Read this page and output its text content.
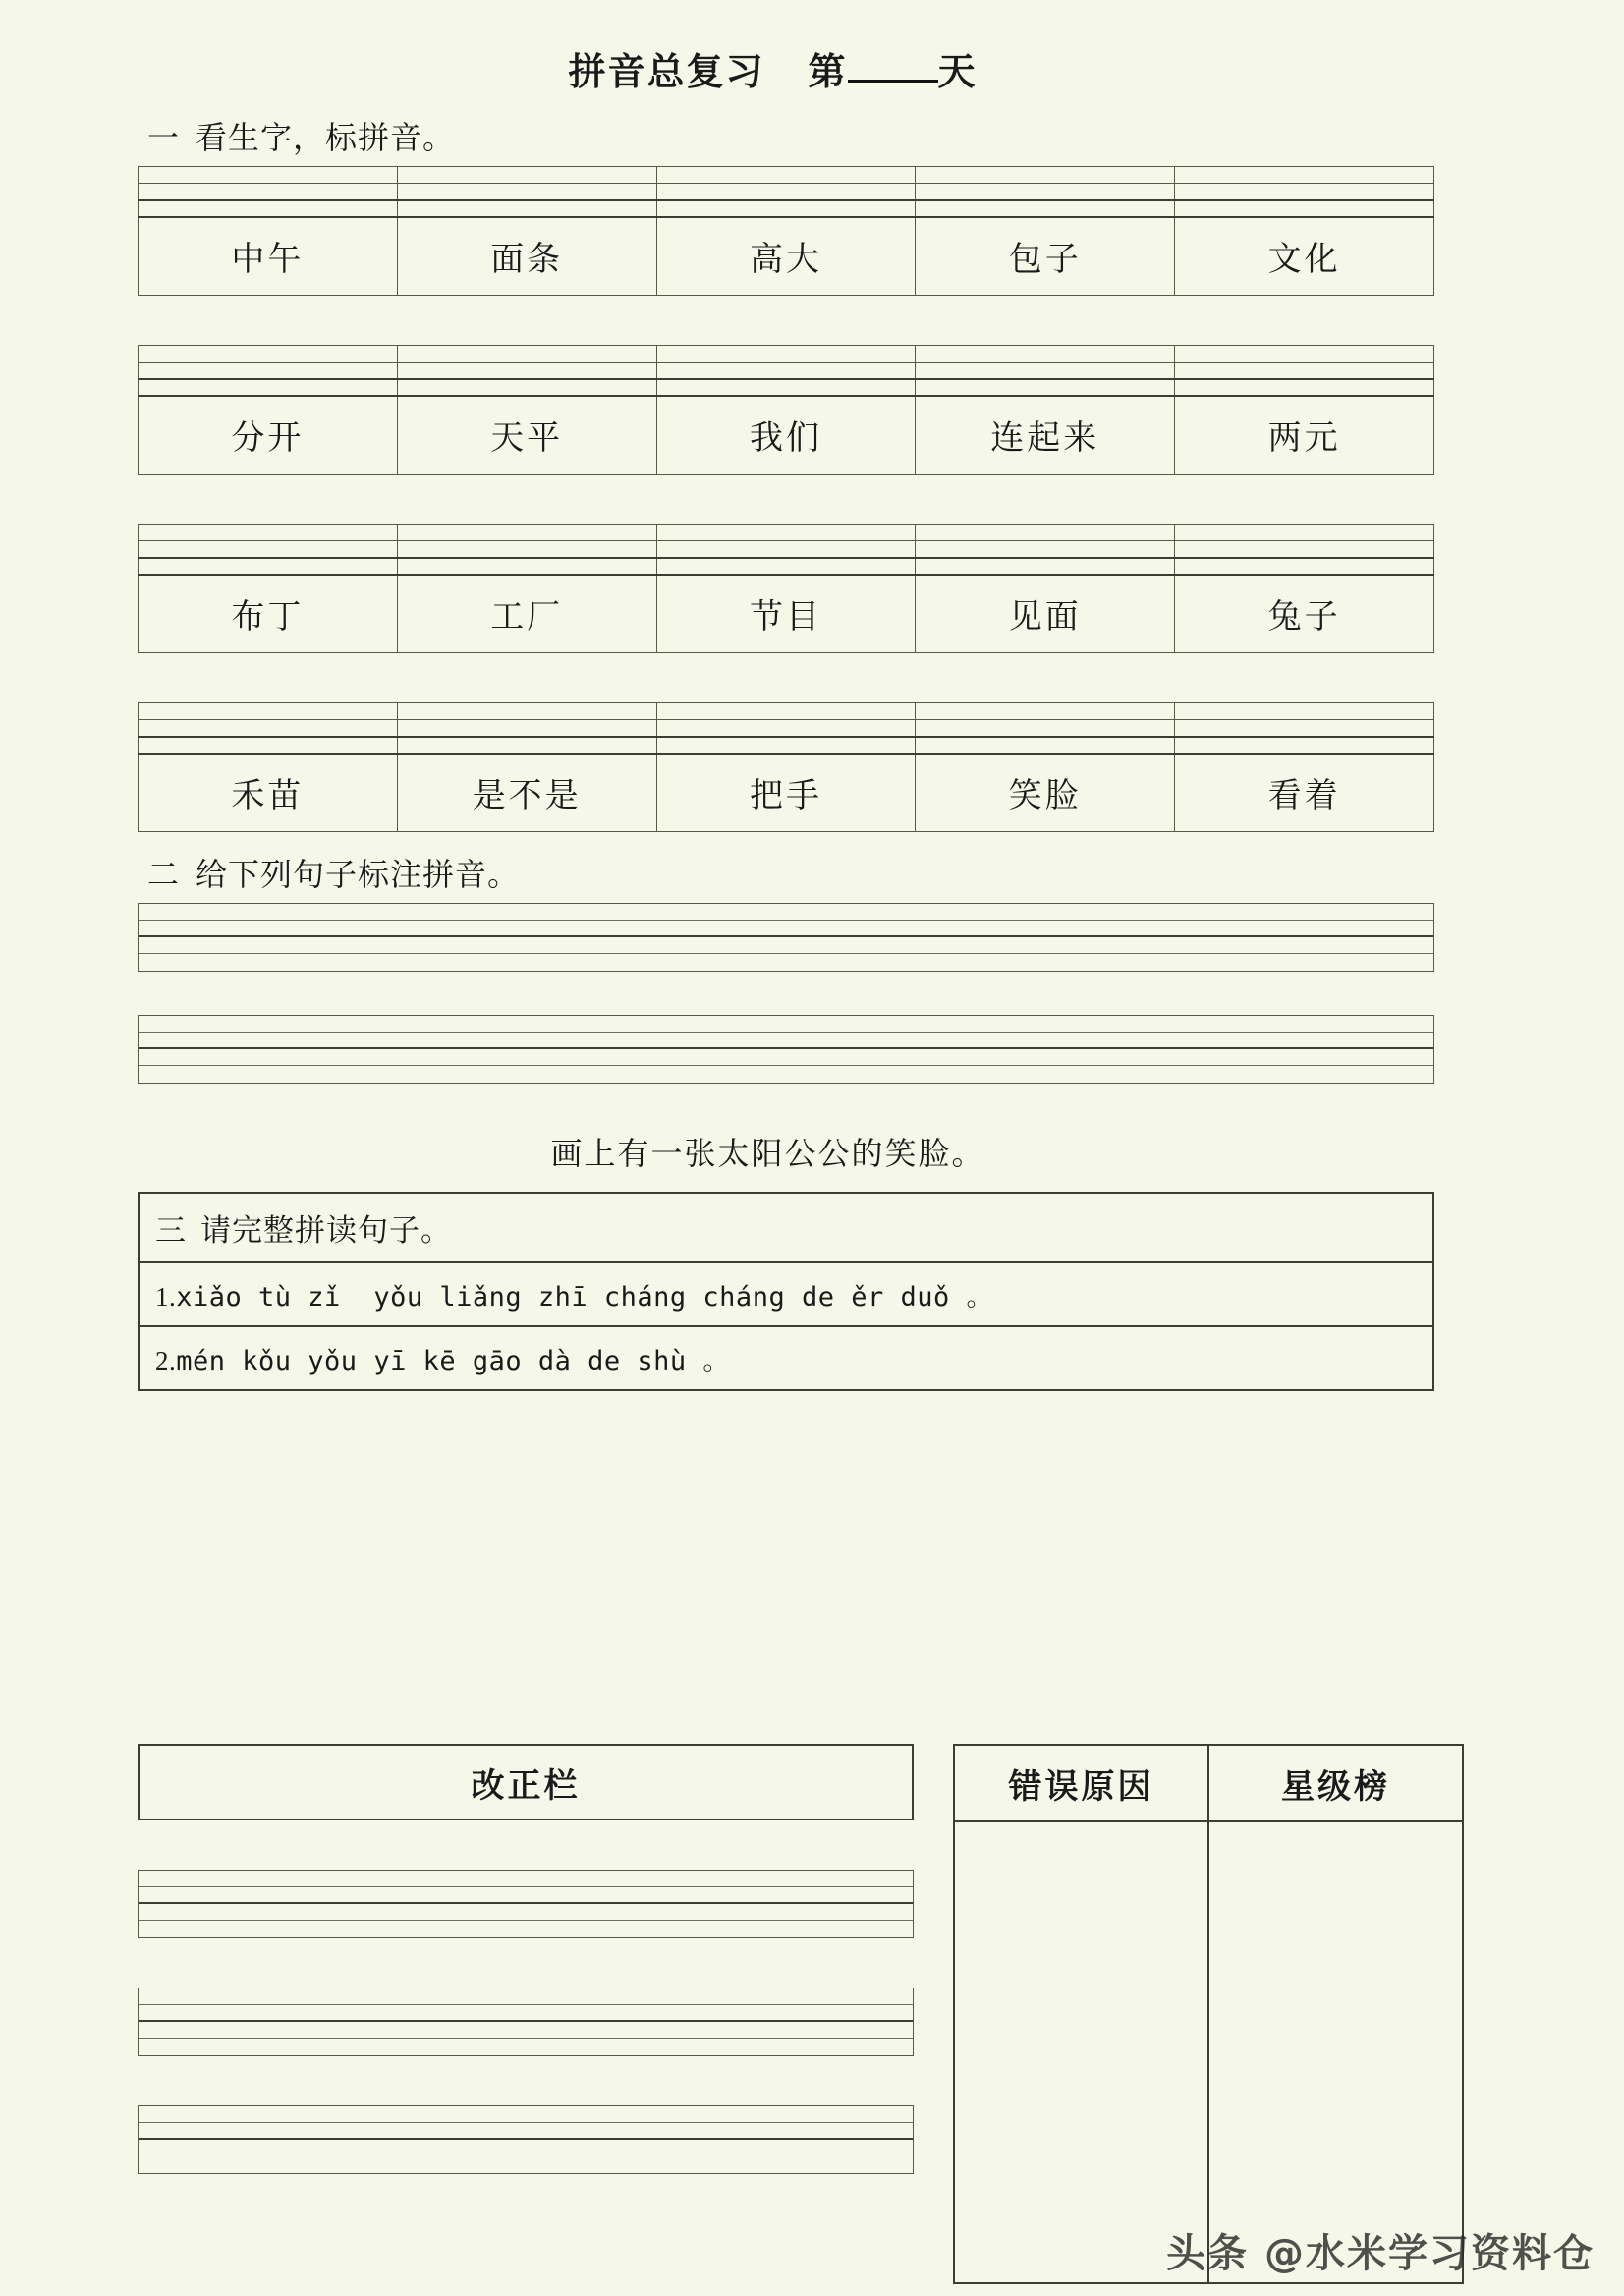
拼音总复习 第 天
一 看生字，标拼音。

中午	面条	高大	包子	文化

分开	天平	我们	连起来	两元

布丁	工厂	节目	见面	兔子

禾苗	是不是	把手	笑脸	看着
二 给下列句子标注拼音。
画上有一张太阳公公的笑脸。
三 请完整拼读句子。
1.xiǎo tù zǐ  yǒu liǎng zhī cháng cháng de ěr duǒ 。
2.mén kǒu yǒu yī kē gāo dà de shù 。
改正栏	错误原因	星级榜

头条 @水米学习资料仓
